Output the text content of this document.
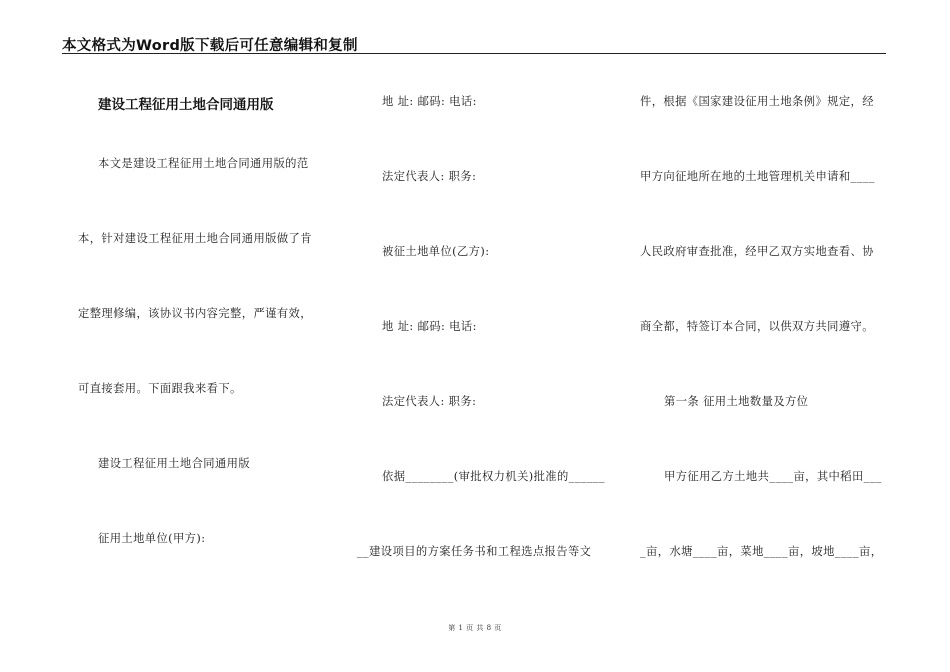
本文格式为Word版下载后可任意编辑和复制
建设工程征用土地合同通用版
本文是建设工程征用土地合同通用版的范
本，针对建设工程征用土地合同通用版做了肯
定整理修编，该协议书内容完整，严谨有效，
可直接套用。下面跟我来看下。
建设工程征用土地合同通用版
征用土地单位(甲方):
地 址: 邮码: 电话:
法定代表人: 职务:
被征土地单位(乙方):
地 址: 邮码: 电话:
法定代表人: 职务:
依据________(审批权力机关)批准的______
__建设项目的方案任务书和工程选点报告等文
件，根据《国家建设征用土地条例》规定，经
甲方向征地所在地的土地管理机关申请和____
人民政府审查批准，经甲乙双方实地查看、协
商全都，特签订本合同，以供双方共同遵守。
第一条 征用土地数量及方位
甲方征用乙方土地共____亩，其中稻田___
_亩，水塘____亩，菜地____亩，坡地____亩，
第 1 页 共 8 页
